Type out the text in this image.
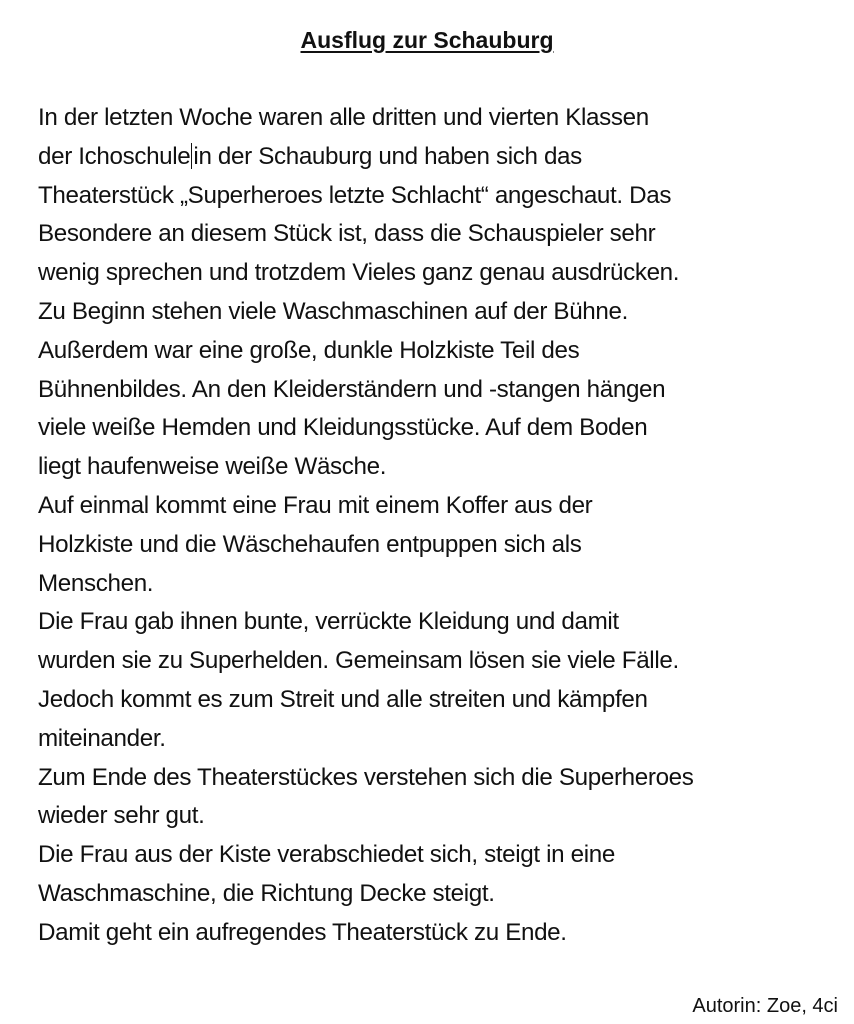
Ausflug zur Schauburg
In der letzten Woche waren alle dritten und vierten Klassen
der Ichoschule in der Schauburg und haben sich das
Theaterstück „Superheroes letzte Schlacht“ angeschaut. Das
Besondere an diesem Stück ist, dass die Schauspieler sehr
wenig sprechen und trotzdem Vieles ganz genau ausdrücken.
Zu Beginn stehen viele Waschmaschinen auf der Bühne.
Außerdem war eine große, dunkle Holzkiste Teil des
Bühnenbildes. An den Kleiderständern und -stangen hängen
viele weiße Hemden und Kleidungsstücke. Auf dem Boden
liegt haufenweise weiße Wäsche.
Auf einmal kommt eine Frau mit einem Koffer aus der
Holzkiste und die Wäschehaufen entpuppen sich als
Menschen.
Die Frau gab ihnen bunte, verrückte Kleidung und damit
wurden sie zu Superhelden. Gemeinsam lösen sie viele Fälle.
Jedoch kommt es zum Streit und alle streiten und kämpfen
miteinander.
Zum Ende des Theaterstückes verstehen sich die Superheroes
wieder sehr gut.
Die Frau aus der Kiste verabschiedet sich, steigt in eine
Waschmaschine, die Richtung Decke steigt.
Damit geht ein aufregendes Theaterstück zu Ende.
Autorin: Zoe, 4ci
